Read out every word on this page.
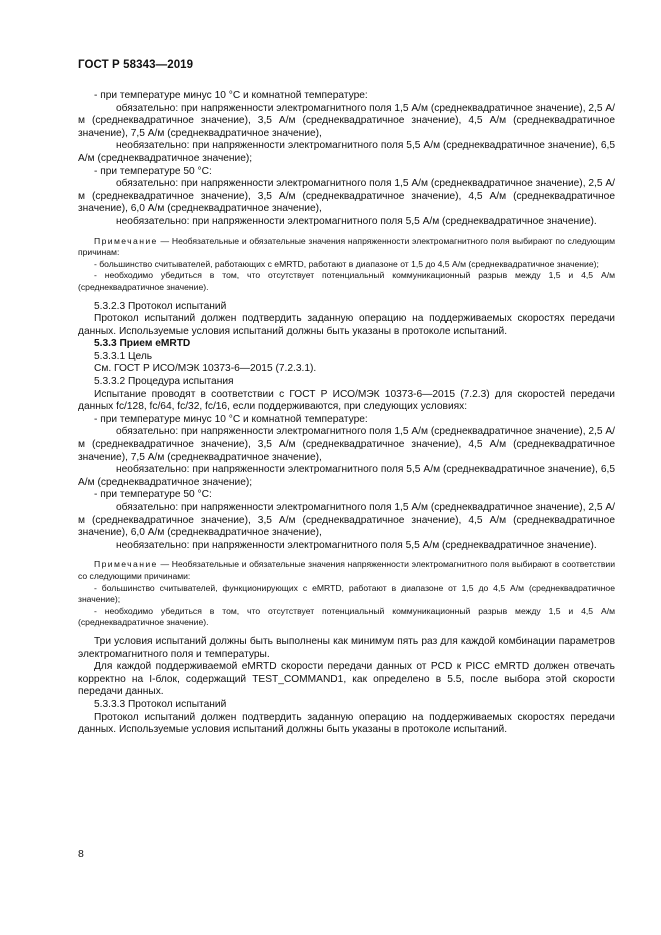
ГОСТ Р 58343—2019

- при температуре минус 10 °С и комнатной температуре:

обязательно: при напряженности электромагнитного поля 1,5 А/м (среднеквадратичное значение), 2,5 А/м (среднеквадратичное значение), 3,5 А/м (среднеквадратичное значение), 4,5 А/м (среднеквадратичное значение), 7,5 А/м (среднеквадратичное значение),

необязательно: при напряженности электромагнитного поля 5,5 А/м (среднеквадратичное значение), 6,5 А/м (среднеквадратичное значение);

- при температуре 50 °С:

обязательно: при напряженности электромагнитного поля 1,5 А/м (среднеквадратичное значение), 2,5 А/м (среднеквадратичное значение), 3,5 А/м (среднеквадратичное значение), 4,5 А/м (среднеквадратичное значение), 6,0 А/м (среднеквадратичное значение),

необязательно: при напряженности электромагнитного поля 5,5 А/м (среднеквадратичное значение).

Примечание — Необязательные и обязательные значения напряженности электромагнитного поля выбирают по следующим причинам:

- большинство считывателей, работающих с eMRTD, работают в диапазоне от 1,5 до 4,5 А/м (среднеквадратичное значение);

- необходимо убедиться в том, что отсутствует потенциальный коммуникационный разрыв между 1,5 и 4,5 А/м (среднеквадратичное значение).

5.3.2.3 Протокол испытаний

Протокол испытаний должен подтвердить заданную операцию на поддерживаемых скоростях передачи данных. Используемые условия испытаний должны быть указаны в протоколе испытаний.

5.3.3 Прием eMRTD

5.3.3.1 Цель

См. ГОСТ Р ИСО/МЭК 10373-6—2015 (7.2.3.1).

5.3.3.2 Процедура испытания

Испытание проводят в соответствии с ГОСТ Р ИСО/МЭК 10373-6—2015 (7.2.3) для скоростей передачи данных fc/128, fc/64, fc/32, fc/16, если поддерживаются, при следующих условиях:

- при температуре минус 10 °С и комнатной температуре:

обязательно: при напряженности электромагнитного поля 1,5 А/м (среднеквадратичное значение), 2,5 А/м (среднеквадратичное значение), 3,5 А/м (среднеквадратичное значение), 4,5 А/м (среднеквадратичное значение), 7,5 А/м (среднеквадратичное значение),

необязательно: при напряженности электромагнитного поля 5,5 А/м (среднеквадратичное значение), 6,5 А/м (среднеквадратичное значение);

- при температуре 50 °С:

обязательно: при напряженности электромагнитного поля 1,5 А/м (среднеквадратичное значение), 2,5 А/м (среднеквадратичное значение), 3,5 А/м (среднеквадратичное значение), 4,5 А/м (среднеквадратичное значение), 6,0 А/м (среднеквадратичное значение),

необязательно: при напряженности электромагнитного поля 5,5 А/м (среднеквадратичное значение).

Примечание — Необязательные и обязательные значения напряженности электромагнитного поля выбирают в соответствии со следующими причинами:

- большинство считывателей, функционирующих с eMRTD, работают в диапазоне от 1,5 до 4,5 А/м (среднеквадратичное значение);

- необходимо убедиться в том, что отсутствует потенциальный коммуникационный разрыв между 1,5 и 4,5 А/м (среднеквадратичное значение).

Три условия испытаний должны быть выполнены как минимум пять раз для каждой комбинации параметров электромагнитного поля и температуры.

Для каждой поддерживаемой eMRTD скорости передачи данных от PCD к PICC eMRTD должен отвечать корректно на I-блок, содержащий TEST_COMMAND1, как определено в 5.5, после выбора этой скорости передачи данных.

5.3.3.3 Протокол испытаний

Протокол испытаний должен подтвердить заданную операцию на поддерживаемых скоростях передачи данных. Используемые условия испытаний должны быть указаны в протоколе испытаний.

8
